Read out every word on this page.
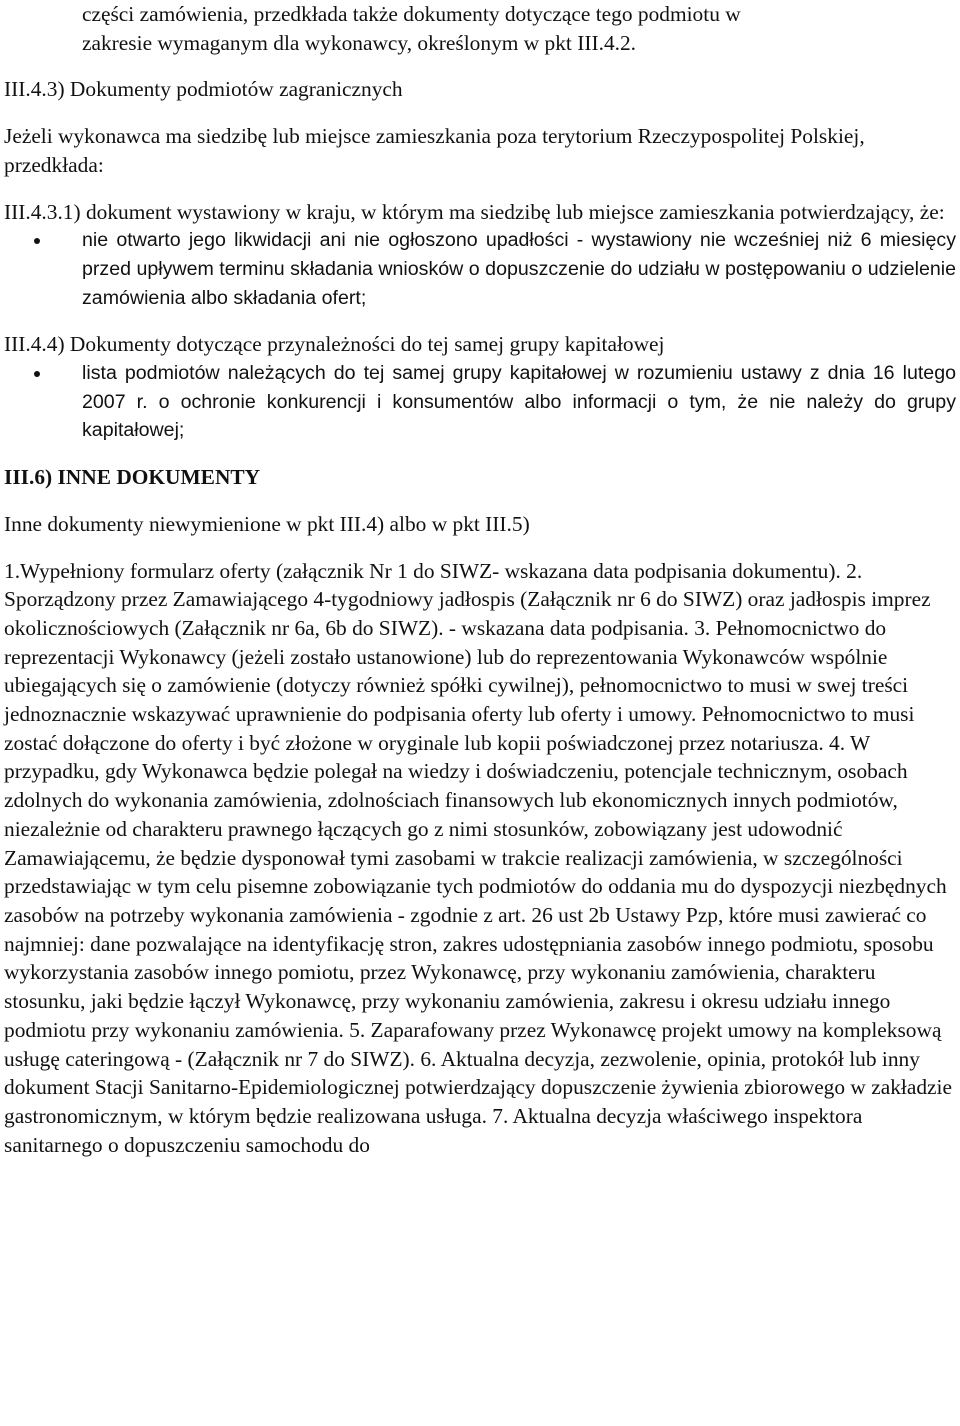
części zamówienia, przedkłada także dokumenty dotyczące tego podmiotu w

zakresie wymaganym dla wykonawcy, określonym w pkt III.4.2.

III.4.3) Dokumenty podmiotów zagranicznych

Jeżeli wykonawca ma siedzibę lub miejsce zamieszkania poza terytorium Rzeczypospolitej Polskiej, przedkłada:

III.4.3.1) dokument wystawiony w kraju, w którym ma siedzibę lub miejsce zamieszkania potwierdzający, że:

nie otwarto jego likwidacji ani nie ogłoszono upadłości - wystawiony nie wcześniej niż 6 miesięcy przed upływem terminu składania wniosków o dopuszczenie do udziału w postępowaniu o udzielenie zamówienia albo składania ofert;

III.4.4) Dokumenty dotyczące przynależności do tej samej grupy kapitałowej

lista podmiotów należących do tej samej grupy kapitałowej w rozumieniu ustawy z dnia 16 lutego 2007 r. o ochronie konkurencji i konsumentów albo informacji o tym, że nie należy do grupy kapitałowej;

III.6) INNE DOKUMENTY

Inne dokumenty niewymienione w pkt III.4) albo w pkt III.5)

1.Wypełniony formularz oferty (załącznik Nr 1 do SIWZ- wskazana data podpisania dokumentu). 2. Sporządzony przez Zamawiającego 4-tygodniowy jadłospis (Załącznik nr 6 do SIWZ) oraz jadłospis imprez okolicznościowych (Załącznik nr 6a, 6b do SIWZ). - wskazana data podpisania. 3. Pełnomocnictwo do reprezentacji Wykonawcy (jeżeli zostało ustanowione) lub do reprezentowania Wykonawców wspólnie ubiegających się o zamówienie (dotyczy również spółki cywilnej), pełnomocnictwo to musi w swej treści jednoznacznie wskazywać uprawnienie do podpisania oferty lub oferty i umowy. Pełnomocnictwo to musi zostać dołączone do oferty i być złożone w oryginale lub kopii poświadczonej przez notariusza. 4. W przypadku, gdy Wykonawca będzie polegał na wiedzy i doświadczeniu, potencjale technicznym, osobach zdolnych do wykonania zamówienia, zdolnościach finansowych lub ekonomicznych innych podmiotów, niezależnie od charakteru prawnego łączących go z nimi stosunków, zobowiązany jest udowodnić Zamawiającemu, że będzie dysponował tymi zasobami w trakcie realizacji zamówienia, w szczególności przedstawiając w tym celu pisemne zobowiązanie tych podmiotów do oddania mu do dyspozycji niezbędnych zasobów na potrzeby wykonania zamówienia - zgodnie z art. 26 ust 2b Ustawy Pzp, które musi zawierać co najmniej: dane pozwalające na identyfikację stron, zakres udostępniania zasobów innego podmiotu, sposobu wykorzystania zasobów innego pomiotu, przez Wykonawcę, przy wykonaniu zamówienia, charakteru stosunku, jaki będzie łączył Wykonawcę, przy wykonaniu zamówienia, zakresu i okresu udziału innego podmiotu przy wykonaniu zamówienia. 5. Zaparafowany przez Wykonawcę projekt umowy na kompleksową usługę cateringową - (Załącznik nr 7 do SIWZ). 6. Aktualna decyzja, zezwolenie, opinia, protokół lub inny dokument Stacji Sanitarno-Epidemiologicznej potwierdzający dopuszczenie żywienia zbiorowego w zakładzie gastronomicznym, w którym będzie realizowana usługa. 7. Aktualna decyzja właściwego inspektora sanitarnego o dopuszczeniu samochodu do
